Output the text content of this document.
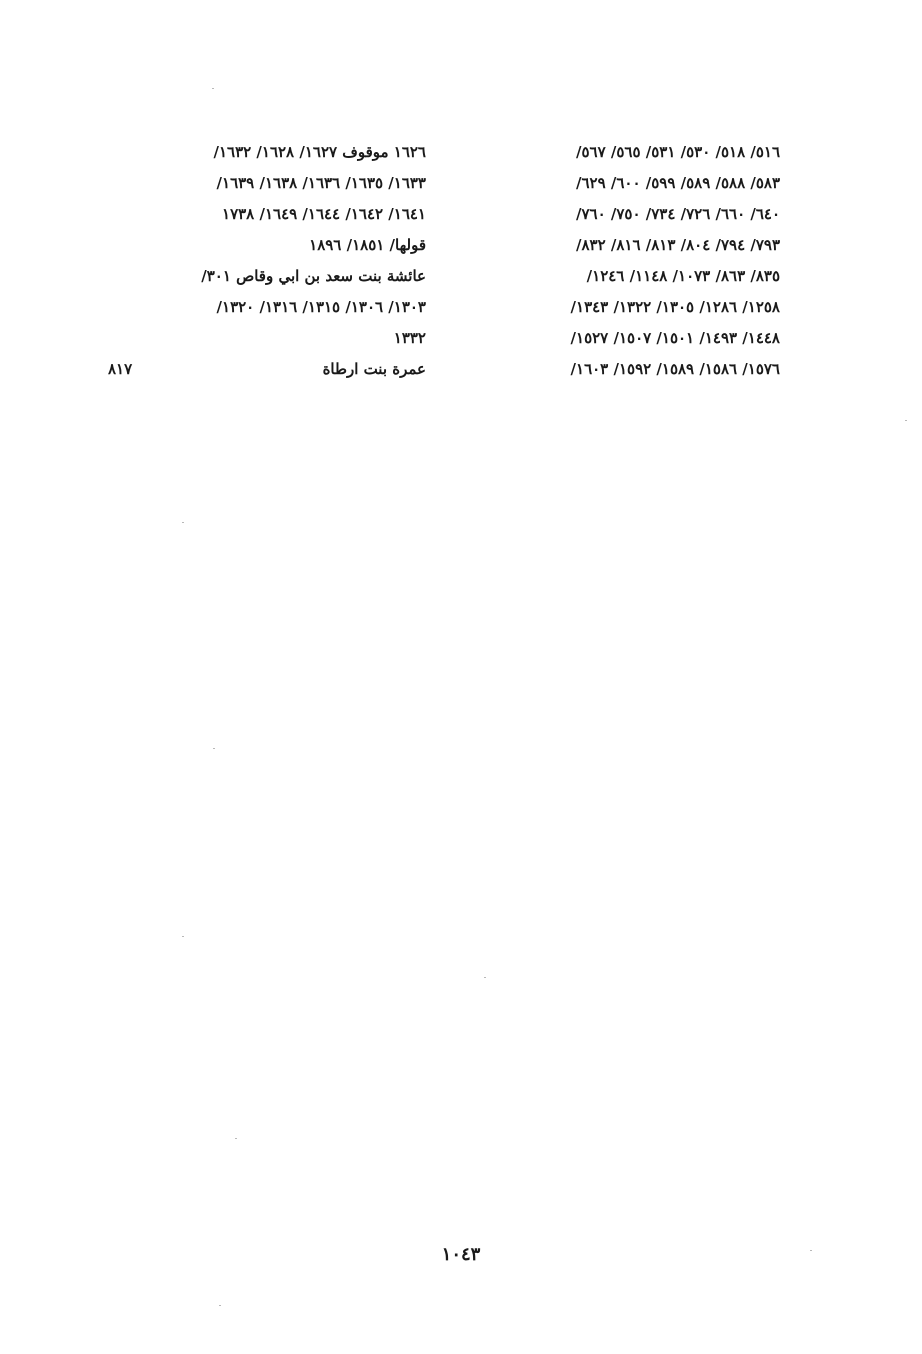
٥١٦/ ٥١٨/ ٥٣٠/ ٥٣١/ ٥٦٥/ ٥٦٧/
١٦٢٦ موقوف ١٦٢٧/ ١٦٢٨/ ١٦٣٢/
٥٨٣/ ٥٨٨/ ٥٨٩/ ٥٩٩/ ٦٠٠/ ٦٢٩/
١٦٣٣/ ١٦٣٥/ ١٦٣٦/ ١٦٣٨/ ١٦٣٩/
٦٤٠/ ٦٦٠/ ٧٢٦/ ٧٣٤/ ٧٥٠/ ٧٦٠/
١٦٤١/ ١٦٤٢/ ١٦٤٤/ ١٦٤٩/ ١٧٣٨
٧٩٣/ ٧٩٤/ ٨٠٤/ ٨١٣/ ٨١٦/ ٨٣٢/
قولها/ ١٨٥١/ ١٨٩٦
٨٣٥/ ٨٦٣/ ١٠٧٣/ ١١٤٨/ ١٢٤٦/
عائشة بنت سعد بن ابي وقاص ٣٠١/
١٢٥٨/ ١٢٨٦/ ١٣٠٥/ ١٣٢٢/ ١٣٤٣/
١٣٠٣/ ١٣٠٦/ ١٣١٥/ ١٣١٦/ ١٣٢٠/
١٤٤٨/ ١٤٩٣/ ١٥٠١/ ١٥٠٧/ ١٥٢٧/
١٣٣٢
١٥٧٦/ ١٥٨٦/ ١٥٨٩/ ١٥٩٢/ ١٦٠٣/
عمرة بنت ارطاة
٨١٧
١٠٤٣
